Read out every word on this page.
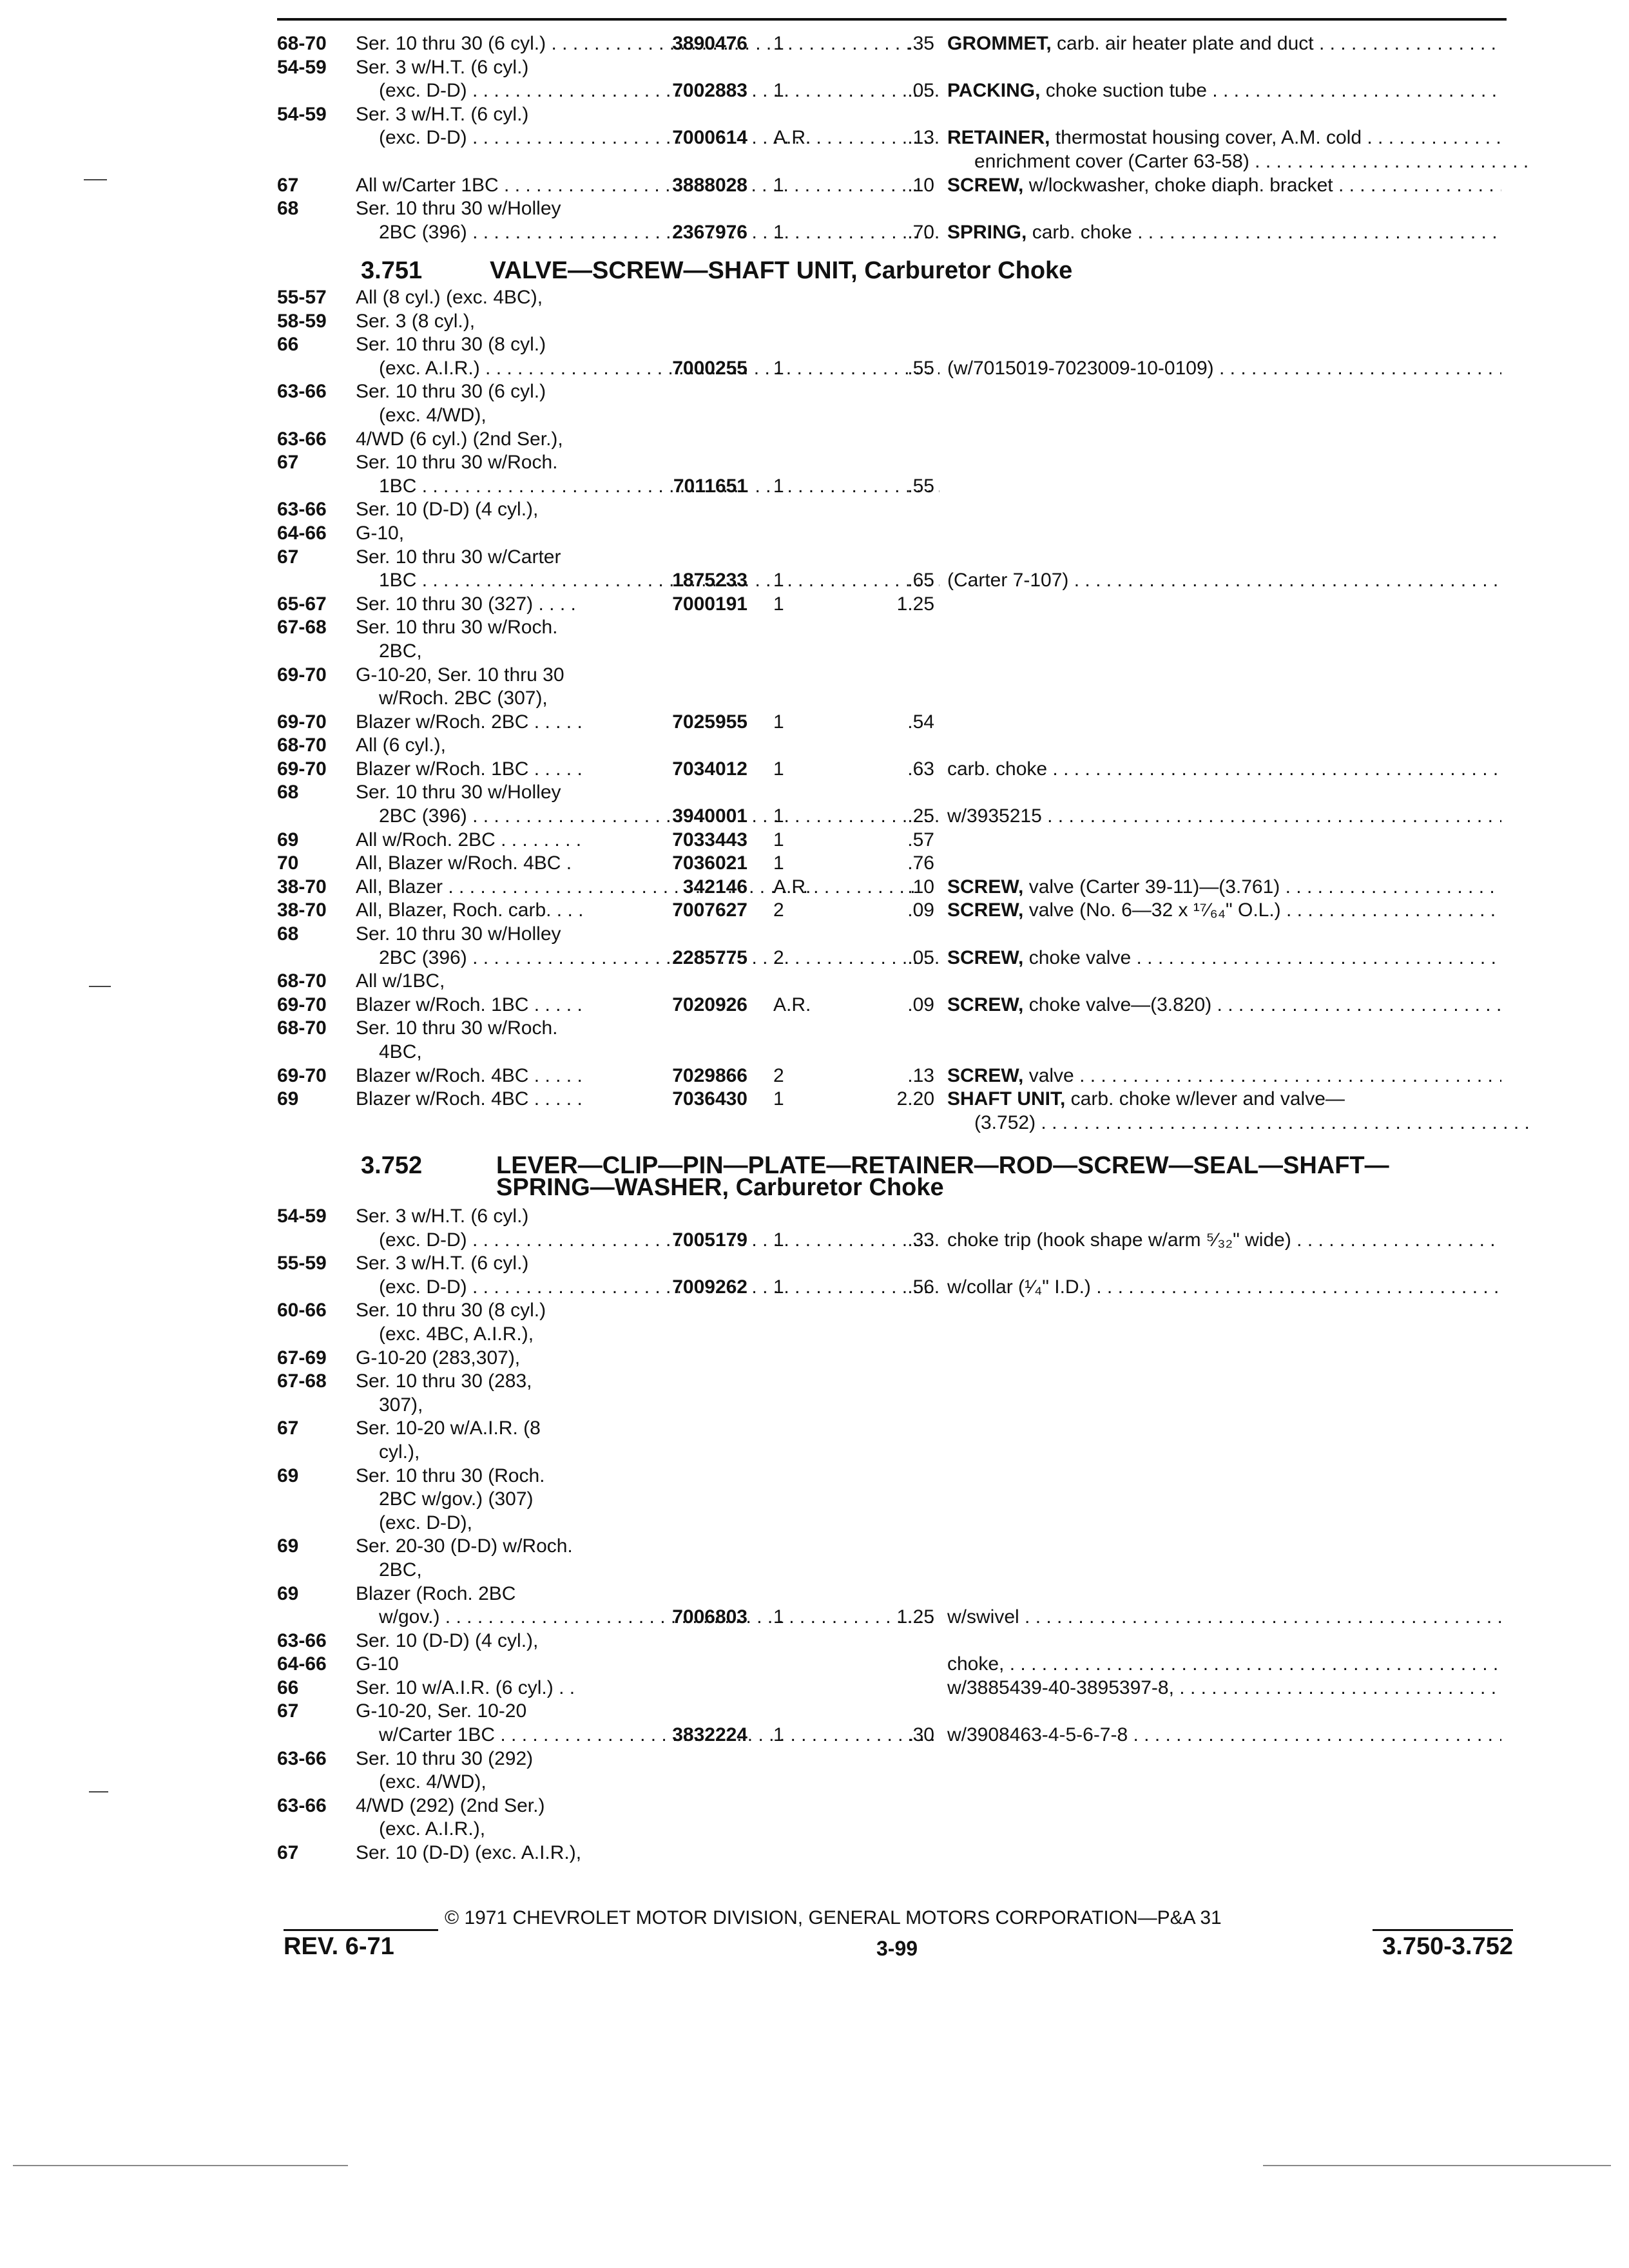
68-70	Ser. 10 thru 30 (6 cyl.) . . . . .	3890476 1	.35 GROMMET, carb. air heater plate and duct . . .
54-59	Ser. 3 w/H.T. (6 cyl.)
(exc. D-D) . . .	7002883 1	.05 PACKING, choke suction tube . . .
54-59	Ser. 3 w/H.T. (6 cyl.)
(exc. D-D) . . .	7000614 A.R.	.13 RETAINER, thermostat housing cover, A.M. cold . . .
enrichment cover (Carter 63-58) . . .
67	All w/Carter 1BC . . .	3888028 1	.10 SCREW, w/lockwasher, choke diaph. bracket . . .
68	Ser. 10 thru 30 w/Holley
2BC (396) . . .	2367976 1	.70 SPRING, carb. choke . . .
3.751	VALVE—SCREW—SHAFT UNIT, Carburetor Choke
55-57	All (8 cyl.) (exc. 4BC),
58-59	Ser. 3 (8 cyl.),
66	Ser. 10 thru 30 (8 cyl.)
(exc. A.I.R.) . . .	7000255 1	.55 (w/7015019-7023009-10-0109) . . .
63-66	Ser. 10 thru 30 (6 cyl.)
(exc. 4/WD),
63-66	4/WD (6 cyl.) (2nd Ser.),
67	Ser. 10 thru 30 w/Roch.
1BC . . .	7011651 1	.55
63-66	Ser. 10 (D-D) (4 cyl.),
64-66	G-10,
67	Ser. 10 thru 30 w/Carter
1BC . . .	1875233 1	.65 (Carter 7-107) . . .
65-67	Ser. 10 thru 30 (327) . . . .	7000191 1	1.25
67-68	Ser. 10 thru 30 w/Roch.
2BC,
69-70	G-10-20, Ser. 10 thru 30
w/Roch. 2BC (307),
69-70	Blazer w/Roch. 2BC . . . . .	7025955 1	.54
68-70	All (6 cyl.),
69-70	Blazer w/Roch. 1BC . . . . .	7034012 1	.63 carb. choke . . .
68	Ser. 10 thru 30 w/Holley
2BC (396) . . .	3940001 1	.25 w/3935215 . . .
69	All w/Roch. 2BC . . . . . . . .	7033443 1	.57
70	All, Blazer w/Roch. 4BC .	7036021 1	.76
38-70	All, Blazer . . .	342146 A.R.	.10 SCREW, valve (Carter 39-11)—(3.761) . . .
38-70	All, Blazer, Roch. carb. . . .	7007627 2	.09 SCREW, valve (No. 6—32 x ¹⁷⁄₆₄" O.L.) . . .
68	Ser. 10 thru 30 w/Holley
2BC (396) . . .	2285775 2	.05 SCREW, choke valve . . .
68-70	All w/1BC,
69-70	Blazer w/Roch. 1BC . . . . .	7020926 A.R.	.09 SCREW, choke valve—(3.820) . . .
68-70	Ser. 10 thru 30 w/Roch.
4BC,
69-70	Blazer w/Roch. 4BC . . . . .	7029866 2	.13 SCREW, valve . . .
69	Blazer w/Roch. 4BC . . . . .	7036430 1	2.20 SHAFT UNIT, carb. choke w/lever and valve—
(3.752) . . .
3.752	LEVER—CLIP—PIN—PLATE—RETAINER—ROD—SCREW—SEAL—SHAFT—
SPRING—WASHER, Carburetor Choke
54-59	Ser. 3 w/H.T. (6 cyl.)
(exc. D-D) . . .	7005179 1	.33 choke trip (hook shape w/arm ⁵⁄₃₂" wide) . . .
55-59	Ser. 3 w/H.T. (6 cyl.)
(exc. D-D) . . .	7009262 1	.56 w/collar (¹⁄₄" I.D.) . . .
60-66	Ser. 10 thru 30 (8 cyl.)
(exc. 4BC, A.I.R.),
67-69	G-10-20 (283,307),
67-68	Ser. 10 thru 30 (283,
307),
67	Ser. 10-20 w/A.I.R. (8
cyl.),
69	Ser. 10 thru 30 (Roch.
2BC w/gov.) (307)
(exc. D-D),
69	Ser. 20-30 (D-D) w/Roch.
2BC,
69	Blazer (Roch. 2BC
w/gov.) . . .	7006803 1	1.25 w/swivel . . .
63-66	Ser. 10 (D-D) (4 cyl.),
64-66	G-10	choke, . . .
66	Ser. 10 w/A.I.R. (6 cyl.) . .	w/3885439-40-3895397-8, . . .
67	G-10-20, Ser. 10-20
w/Carter 1BC . . .	3832224 1	.30 w/3908463-4-5-6-7-8 . . .
63-66	Ser. 10 thru 30 (292)
(exc. 4/WD),
63-66	4/WD (292) (2nd Ser.)
(exc. A.I.R.),
67	Ser. 10 (D-D) (exc. A.I.R.),
© 1971 CHEVROLET MOTOR DIVISION, GENERAL MOTORS CORPORATION—P&A 31
REV. 6-71	3-99	3.750-3.752
